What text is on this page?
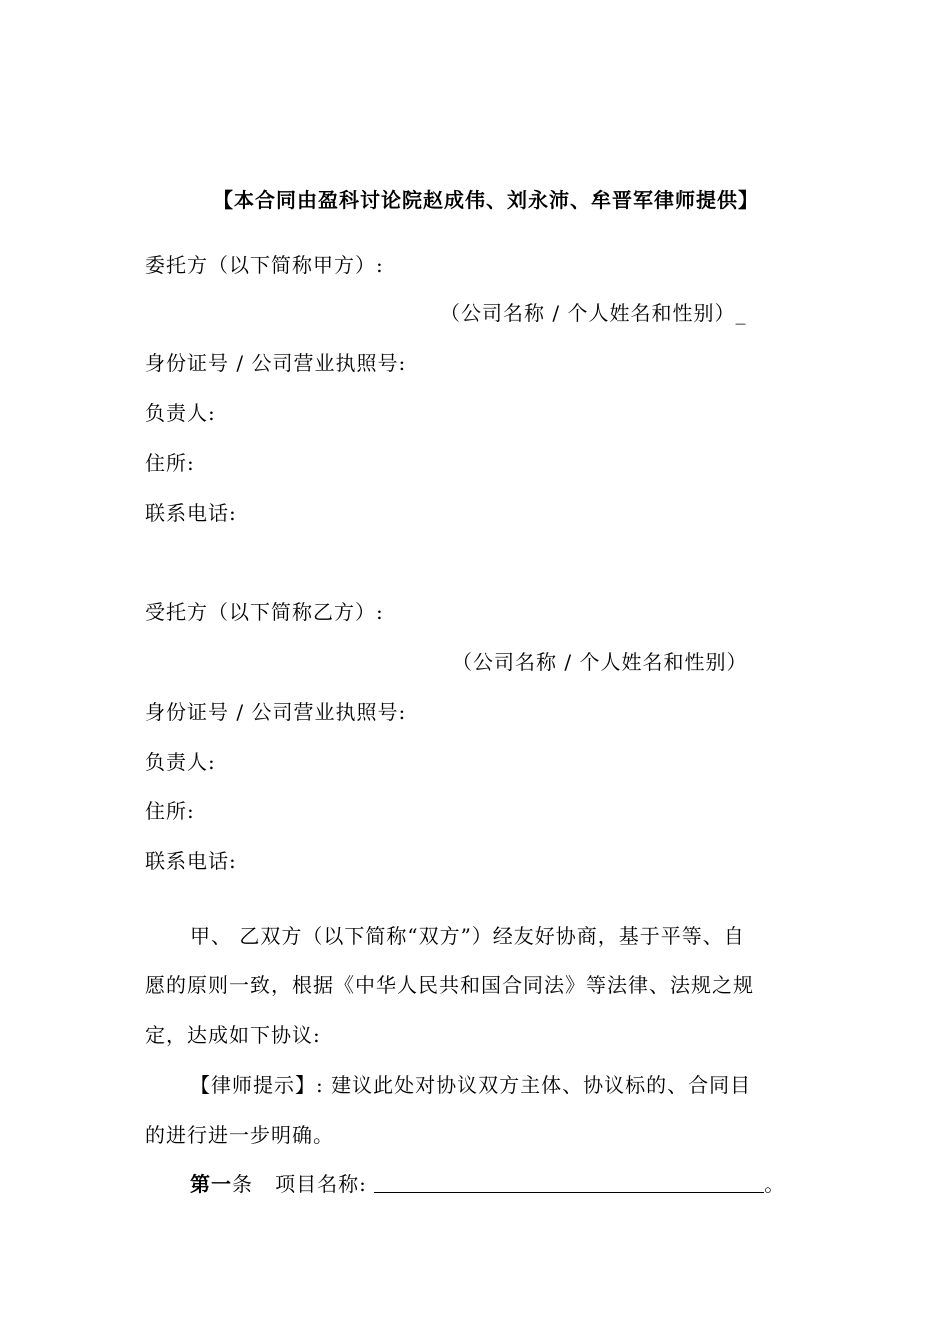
【本合同由盈科讨论院赵成伟、刘永沛、牟晋军律师提供】
委托方（以下简称甲方）:
（公司名称 / 个人姓名和性别）_
身份证号 / 公司营业执照号:
负责人:
住所:
联系电话:
受托方（以下简称乙方）:
（公司名称 / 个人姓名和性别）
身份证号 / 公司营业执照号:
负责人:
住所:
联系电话:
甲、 乙双方（以下简称“双方”）经友好协商，基于平等、自
愿的原则一致，根据《中华人民共和国合同法》等法律、法规之规
定，达成如下协议:
【律师提示】: 建议此处对协议双方主体、协议标的、合同目
的进行进一步明确。
第一条 项目名称:	。
